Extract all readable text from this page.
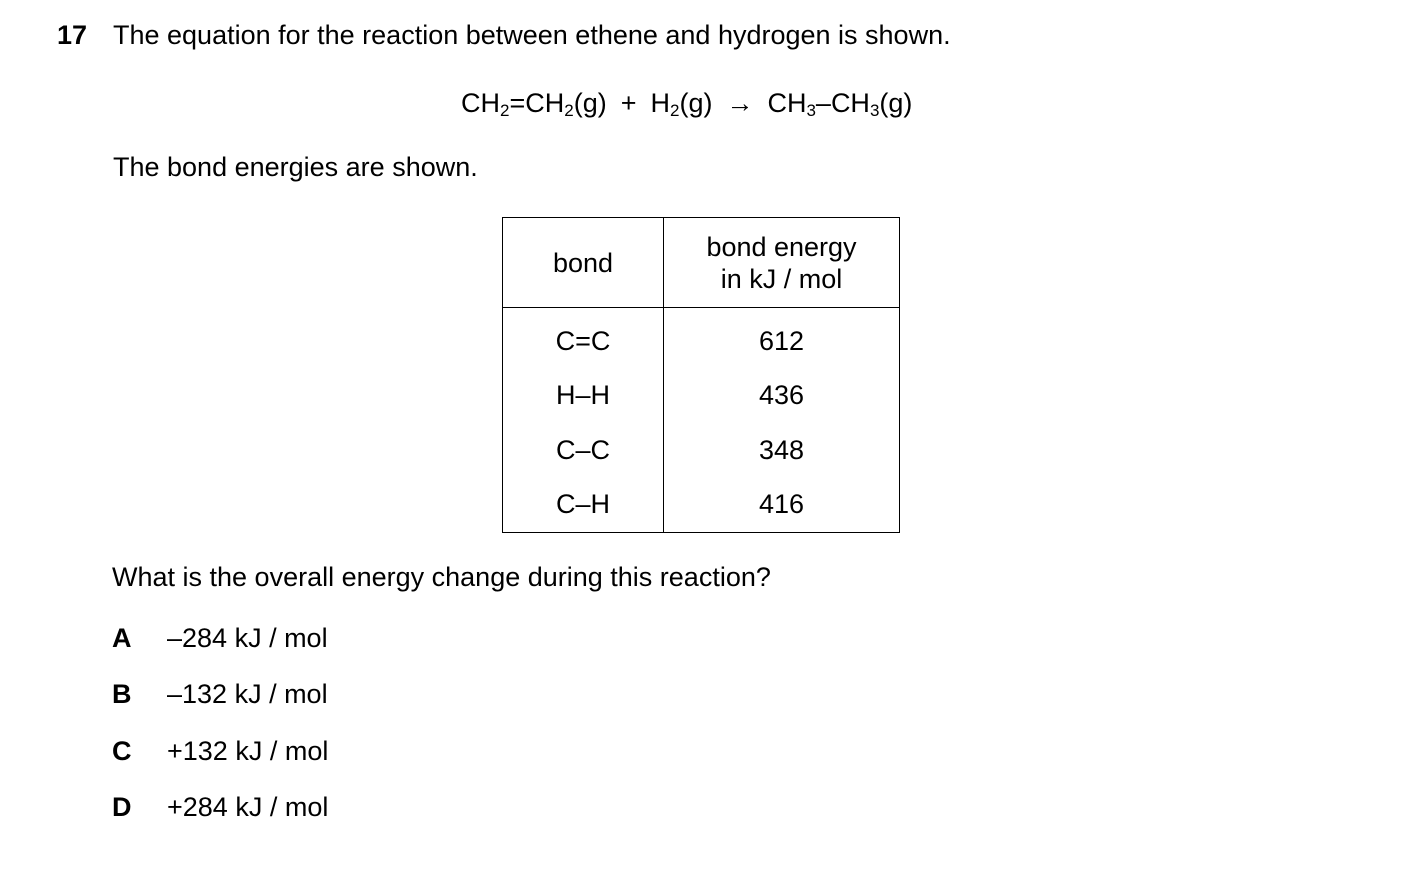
17 The equation for the reaction between ethene and hydrogen is shown.
$CH_2=CH_2(g) + H_2(g) \to CH_3-CH_3(g)$
The bond energies are shown.
bond	bond energy
in kJ / mol
C=C	612
H–H	436
C–C	348
C–H	416
What is the overall energy change during this reaction?
A –284 kJ / mol
B –132 kJ / mol
C +132 kJ / mol
D +284 kJ / mol
